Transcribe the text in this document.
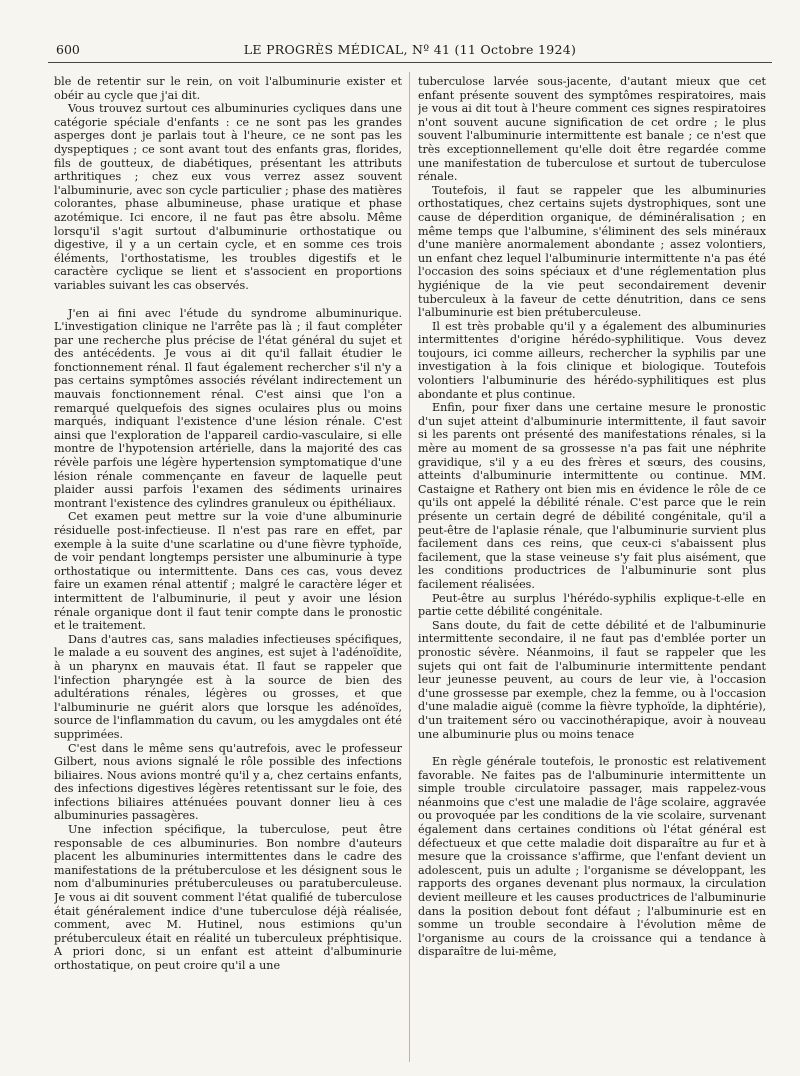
600	LE PROGRÈS MÉDICAL, Nº 41 (11 Octobre 1924)

ble de retentir sur le rein, on voit l'albuminurie exister et obéir au cycle que j'ai dit.

Vous trouvez surtout ces albuminuries cycliques dans une catégorie spéciale d'enfants : ce ne sont pas les grandes asperges dont je parlais tout à l'heure, ce ne sont pas les dyspeptiques ; ce sont avant tout des enfants gras, florides, fils de goutteux, de diabétiques, présentant les attributs arthritiques ; chez eux vous verrez assez souvent l'albuminurie, avec son cycle particulier ; phase des matières colorantes, phase albumineuse, phase uratique et phase azotémique. Ici encore, il ne faut pas être absolu. Même lorsqu'il s'agit surtout d'albuminurie orthostatique ou digestive, il y a un certain cycle, et en somme ces trois éléments, l'orthostatisme, les troubles digestifs et le caractère cyclique se lient et s'associent en proportions variables suivant les cas observés.

J'en ai fini avec l'étude du syndrome albuminurique. L'investigation clinique ne l'arrête pas là ; il faut compléter par une recherche plus précise de l'état général du sujet et des antécédents. Je vous ai dit qu'il fallait étudier le fonctionnement rénal. Il faut également rechercher s'il n'y a pas certains symptômes associés révélant indirectement un mauvais fonctionnement rénal. C'est ainsi que l'on a remarqué quelquefois des signes oculaires plus ou moins marqués, indiquant l'existence d'une lésion rénale. C'est ainsi que l'exploration de l'appareil cardio-vasculaire, si elle montre de l'hypotension artérielle, dans la majorité des cas révèle parfois une légère hypertension symptomatique d'une lésion rénale commençante en faveur de laquelle peut plaider aussi parfois l'examen des sédiments urinaires montrant l'existence des cylindres granuleux ou épithéliaux.

Cet examen peut mettre sur la voie d'une albuminurie résiduelle post-infectieuse. Il n'est pas rare en effet, par exemple à la suite d'une scarlatine ou d'une fièvre typhoïde, de voir pendant longtemps persister une albuminurie à type orthostatique ou intermittente. Dans ces cas, vous devez faire un examen rénal attentif ; malgré le caractère léger et intermittent de l'albuminurie, il peut y avoir une lésion rénale organique dont il faut tenir compte dans le pronostic et le traitement.

Dans d'autres cas, sans maladies infectieuses spécifiques, le malade a eu souvent des angines, est sujet à l'adénoïdite, à un pharynx en mauvais état. Il faut se rappeler que l'infection pharyngée est à la source de bien des adultérations rénales, légères ou grosses, et que l'albuminurie ne guérit alors que lorsque les adénoïdes, source de l'inflammation du cavum, ou les amygdales ont été supprimées.

C'est dans le même sens qu'autrefois, avec le professeur Gilbert, nous avions signalé le rôle possible des infections biliaires. Nous avions montré qu'il y a, chez certains enfants, des infections digestives légères retentissant sur le foie, des infections biliaires atténuées pouvant donner lieu à ces albuminuries passagères.

Une infection spécifique, la tuberculose, peut être responsable de ces albuminuries. Bon nombre d'auteurs placent les albuminuries intermittentes dans le cadre des manifestations de la prétuberculose et les désignent sous le nom d'albuminuries prétuberculeuses ou paratuberculeuse. Je vous ai dit souvent comment l'état qualifié de tuberculose était généralement indice d'une tuberculose déjà réalisée, comment, avec M. Hutinel, nous estimions qu'un prétuberculeux était en réalité un tuberculeux préphtisique. A priori donc, si un enfant est atteint d'albuminurie orthostatique, on peut croire qu'il a une

tuberculose larvée sous-jacente, d'autant mieux que cet enfant présente souvent des symptômes respiratoires, mais je vous ai dit tout à l'heure comment ces signes respiratoires n'ont souvent aucune signification de cet ordre ; le plus souvent l'albuminurie intermittente est banale ; ce n'est que très exceptionnellement qu'elle doit être regardée comme une manifestation de tuberculose et surtout de tuberculose rénale.

Toutefois, il faut se rappeler que les albuminuries orthostatiques, chez certains sujets dystrophiques, sont une cause de déperdition organique, de déminéralisation ; en même temps que l'albumine, s'éliminent des sels minéraux d'une manière anormalement abondante ; assez volontiers, un enfant chez lequel l'albuminurie intermittente n'a pas été l'occasion des soins spéciaux et d'une réglementation plus hygiénique de la vie peut secondairement devenir tuberculeux à la faveur de cette dénutrition, dans ce sens l'albuminurie est bien prétuberculeuse.

Il est très probable qu'il y a également des albuminuries intermittentes d'origine hérédo-syphilitique. Vous devez toujours, ici comme ailleurs, rechercher la syphilis par une investigation à la fois clinique et biologique. Toutefois volontiers l'albuminurie des hérédo-syphilitiques est plus abondante et plus continue.

Enfin, pour fixer dans une certaine mesure le pronostic d'un sujet atteint d'albuminurie intermittente, il faut savoir si les parents ont présenté des manifestations rénales, si la mère au moment de sa grossesse n'a pas fait une néphrite gravidique, s'il y a eu des frères et sœurs, des cousins, atteints d'albuminurie intermittente ou continue. MM. Castaigne et Rathery ont bien mis en évidence le rôle de ce qu'ils ont appelé la débilité rénale. C'est parce que le rein présente un certain degré de débilité congénitale, qu'il a peut-être de l'aplasie rénale, que l'albuminurie survient plus facilement dans ces reins, que ceux-ci s'abaissent plus facilement, que la stase veineuse s'y fait plus aisément, que les conditions productrices de l'albuminurie sont plus facilement réalisées.

Peut-être au surplus l'hérédo-syphilis explique-t-elle en partie cette débilité congénitale.

Sans doute, du fait de cette débilité et de l'albuminurie intermittente secondaire, il ne faut pas d'emblée porter un pronostic sévère. Néanmoins, il faut se rappeler que les sujets qui ont fait de l'albuminurie intermittente pendant leur jeunesse peuvent, au cours de leur vie, à l'occasion d'une grossesse par exemple, chez la femme, ou à l'occasion d'une maladie aiguë (comme la fièvre typhoïde, la diphtérie), d'un traitement séro ou vaccinothérapique, avoir à nouveau une albuminurie plus ou moins tenace

En règle générale toutefois, le pronostic est relativement favorable. Ne faites pas de l'albuminurie intermittente un simple trouble circulatoire passager, mais rappelez-vous néanmoins que c'est une maladie de l'âge scolaire, aggravée ou provoquée par les conditions de la vie scolaire, survenant également dans certaines conditions où l'état général est défectueux et que cette maladie doit disparaître au fur et à mesure que la croissance s'affirme, que l'enfant devient un adolescent, puis un adulte ; l'organisme se développant, les rapports des organes devenant plus normaux, la circulation devient meilleure et les causes productrices de l'albuminurie dans la position debout font défaut ; l'albuminurie est en somme un trouble secondaire à l'évolution même de l'organisme au cours de la croissance qui a tendance à disparaître de lui-même,
